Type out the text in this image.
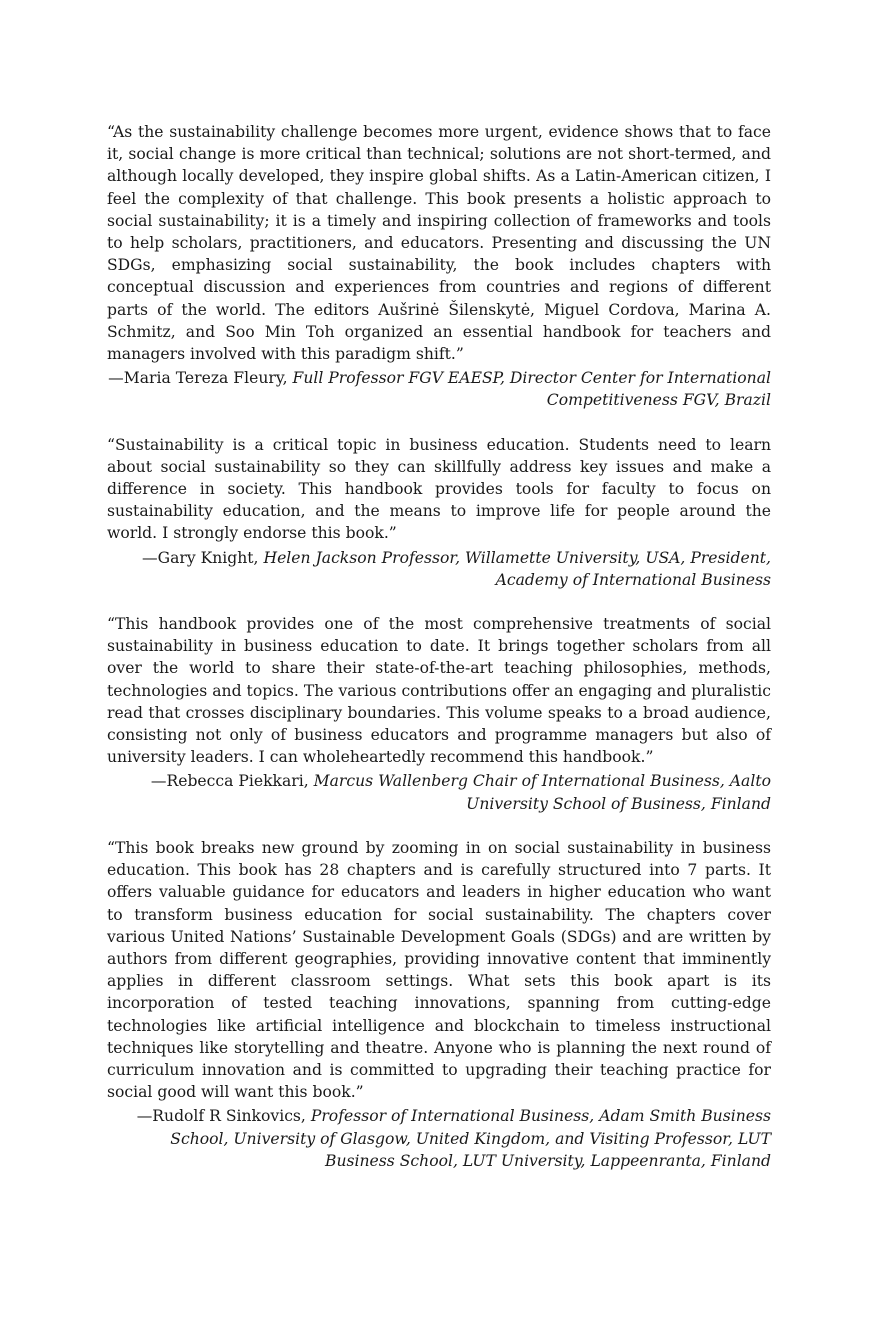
“As the sustainability challenge becomes more urgent, evidence shows that to face it, social change is more critical than technical; solutions are not short-termed, and although locally developed, they inspire global shifts. As a Latin-American citizen, I feel the complexity of that challenge. This book presents a holistic approach to social sustainability; it is a timely and inspiring collection of frameworks and tools to help scholars, practitioners, and educators. Presenting and discussing the UN SDGs, emphasizing social sustainability, the book includes chapters with conceptual discussion and experiences from countries and regions of different parts of the world. The editors Aušrinė Šilenskytė, Miguel Cordova, Marina A. Schmitz, and Soo Min Toh organized an essential handbook for teachers and managers involved with this paradigm shift.”

—Maria Tereza Fleury, Full Professor FGV EAESP, Director Center for International Competitiveness FGV, Brazil

“Sustainability is a critical topic in business education. Students need to learn about social sustainability so they can skillfully address key issues and make a difference in society. This handbook provides tools for faculty to focus on sustainability education, and the means to improve life for people around the world. I strongly endorse this book.”

—Gary Knight, Helen Jackson Professor, Willamette University, USA, President, Academy of International Business

“This handbook provides one of the most comprehensive treatments of social sustainability in business education to date. It brings together scholars from all over the world to share their state-of-the-art teaching philosophies, methods, technologies and topics. The various contributions offer an engaging and pluralistic read that crosses disciplinary boundaries. This volume speaks to a broad audience, consisting not only of business educators and programme managers but also of university leaders. I can wholeheartedly recommend this handbook.”

—Rebecca Piekkari, Marcus Wallenberg Chair of International Business, Aalto University School of Business, Finland

“This book breaks new ground by zooming in on social sustainability in business education. This book has 28 chapters and is carefully structured into 7 parts. It offers valuable guidance for educators and leaders in higher education who want to transform business education for social sustainability. The chapters cover various United Nations’ Sustainable Development Goals (SDGs) and are written by authors from different geographies, providing innovative content that imminently applies in different classroom settings. What sets this book apart is its incorporation of tested teaching innovations, spanning from cutting-edge technologies like artificial intelligence and blockchain to timeless instructional techniques like storytelling and theatre. Anyone who is planning the next round of curriculum innovation and is committed to upgrading their teaching practice for social good will want this book.”

—Rudolf R Sinkovics, Professor of International Business, Adam Smith Business School, University of Glasgow, United Kingdom, and Visiting Professor, LUT Business School, LUT University, Lappeenranta, Finland
